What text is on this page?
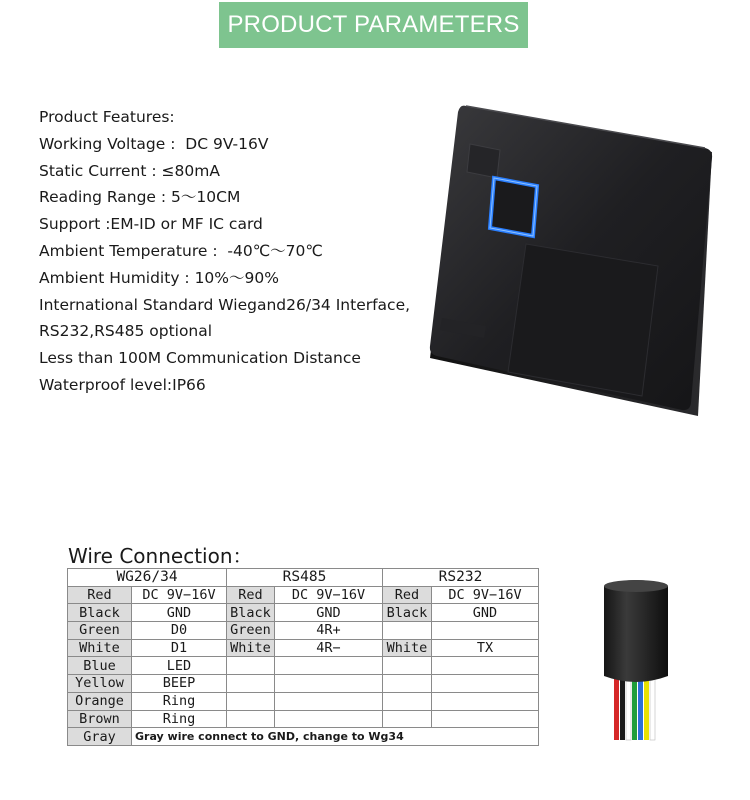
PRODUCT PARAMETERS
Product Features:
Working Voltage :  DC 9V-16V
Static Current : ≤80mA
Reading Range : 5～10CM
Support :EM-ID or MF IC card
Ambient Temperature :  -40℃～70℃
Ambient Humidity : 10%～90%
International Standard Wiegand26/34 Interface,
RS232,RS485 optional
Less than 100M Communication Distance
Waterproof level:IP66
Wire Connection：
WG26/34		RS485		RS232	
Red	DC 9V−16V	Red	DC 9V−16V	Red	DC 9V−16V
Black	GND	Black	GND	Black	GND
Green	D0	Green	4R+		
White	D1	White	4R−	White	TX
Blue	LED				
Yellow	BEEP				
Orange	Ring				
Brown	Ring				
Gray	Gray wire connect to GND, change to Wg34				
